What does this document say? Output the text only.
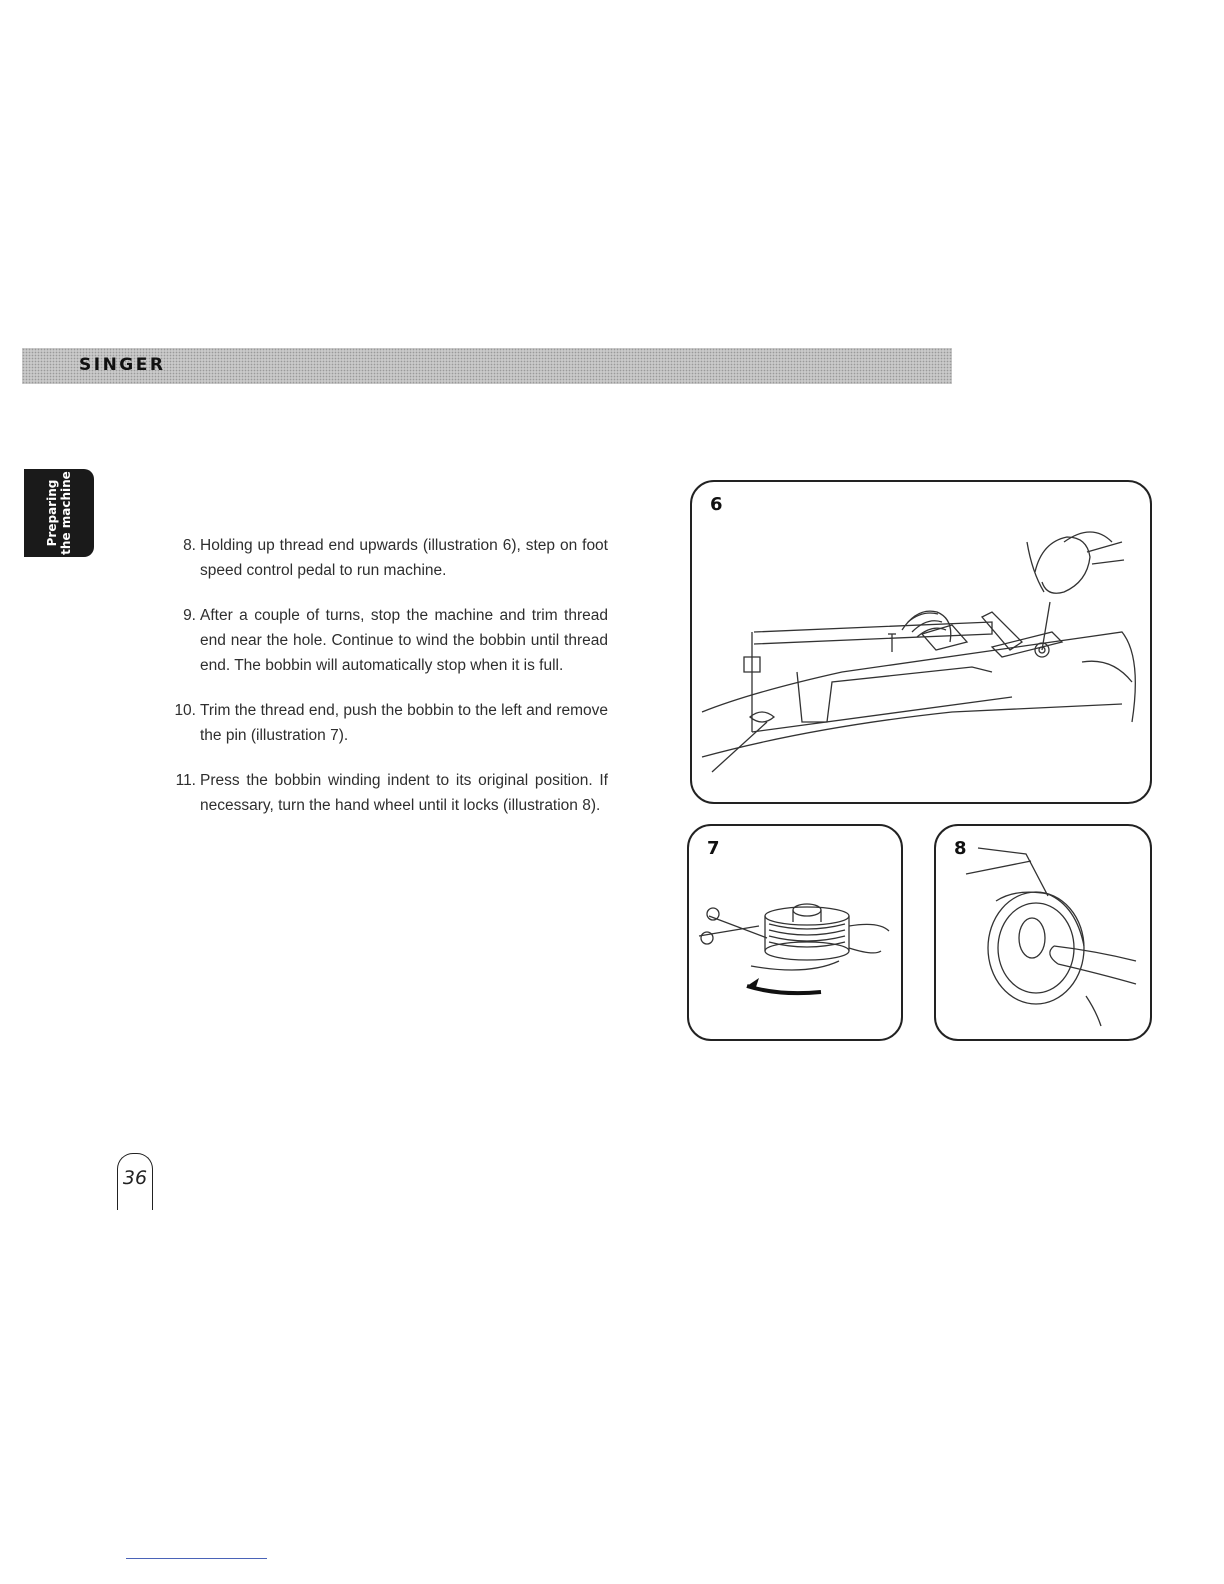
SINGER
Preparing the machine	8. Holding up thread end upwards (illustration 6), step on foot speed control pedal to run machine.
9. After a couple of turns, stop the machine and trim thread end near the hole. Continue to wind the bobbin until thread end. The bobbin will automatically stop when it is full.
10. Trim the thread end, push the bobbin to the left and remove the pin (illustration 7).
11. Press the bobbin winding indent to its original position. If necessary, turn the hand wheel until it locks (illustration 8).
6
7	8
36
